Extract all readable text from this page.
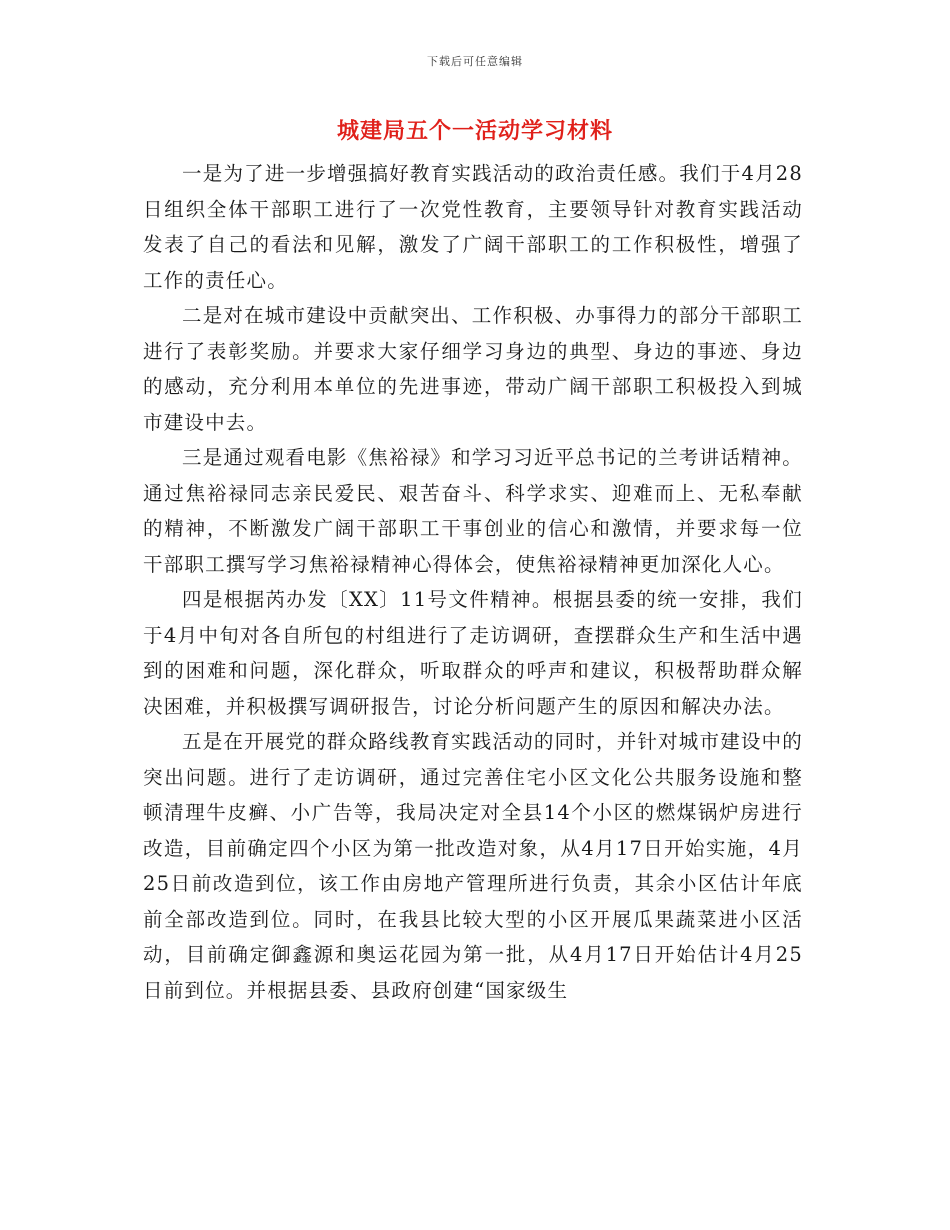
下载后可任意编辑
城建局五个一活动学习材料

一是为了进一步增强搞好教育实践活动的政治责任感。我们于4月28日组织全体干部职工进行了一次党性教育，主要领导针对教育实践活动发表了自己的看法和见解，激发了广阔干部职工的工作积极性，增强了工作的责任心。

二是对在城市建设中贡献突出、工作积极、办事得力的部分干部职工进行了表彰奖励。并要求大家仔细学习身边的典型、身边的事迹、身边的感动，充分利用本单位的先进事迹，带动广阔干部职工积极投入到城市建设中去。

三是通过观看电影《焦裕禄》和学习习近平总书记的兰考讲话精神。通过焦裕禄同志亲民爱民、艰苦奋斗、科学求实、迎难而上、无私奉献的精神，不断激发广阔干部职工干事创业的信心和激情，并要求每一位干部职工撰写学习焦裕禄精神心得体会，使焦裕禄精神更加深化人心。

四是根据芮办发〔XX〕11号文件精神。根据县委的统一安排，我们于4月中旬对各自所包的村组进行了走访调研，查摆群众生产和生活中遇到的困难和问题，深化群众，听取群众的呼声和建议，积极帮助群众解决困难，并积极撰写调研报告，讨论分析问题产生的原因和解决办法。

五是在开展党的群众路线教育实践活动的同时，并针对城市建设中的突出问题。进行了走访调研，通过完善住宅小区文化公共服务设施和整顿清理牛皮癣、小广告等，我局决定对全县14个小区的燃煤锅炉房进行改造，目前确定四个小区为第一批改造对象，从4月17日开始实施，4月25日前改造到位，该工作由房地产管理所进行负责，其余小区估计年底前全部改造到位。同时，在我县比较大型的小区开展瓜果蔬菜进小区活动，目前确定御鑫源和奥运花园为第一批，从4月17日开始估计4月25日前到位。并根据县委、县政府创建“国家级生
